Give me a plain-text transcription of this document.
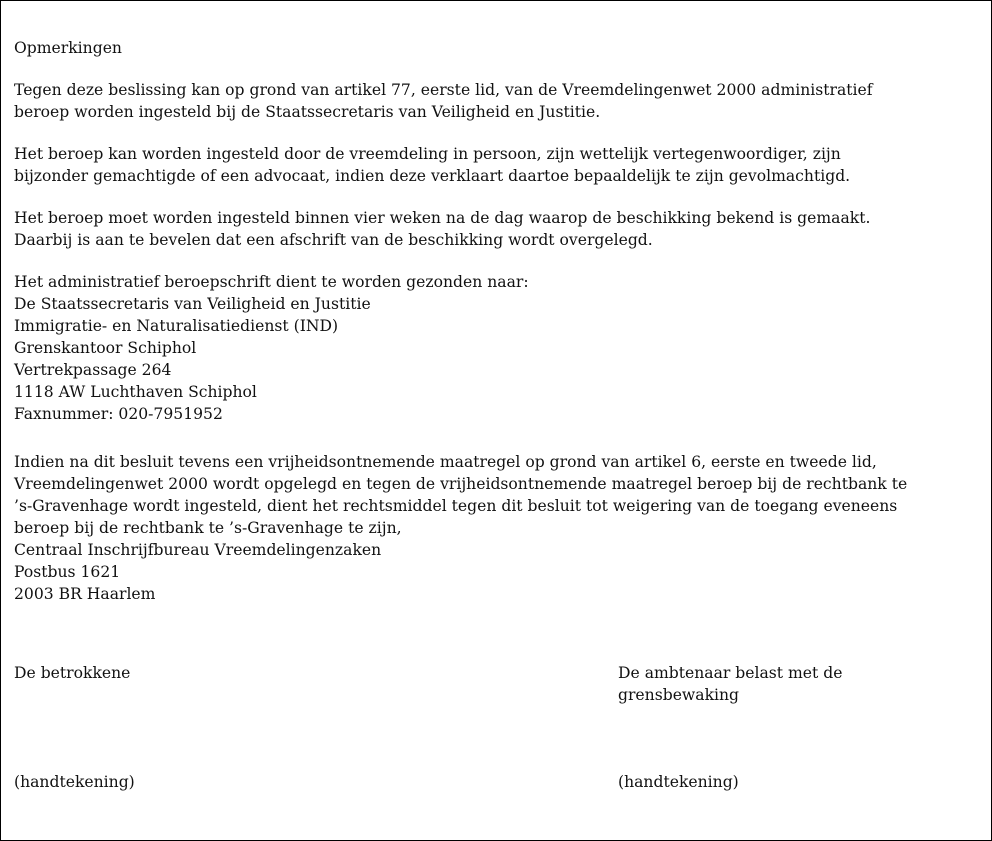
Opmerkingen
Tegen deze beslissing kan op grond van artikel 77, eerste lid, van de Vreemdelingenwet 2000 administratief
beroep worden ingesteld bij de Staatssecretaris van Veiligheid en Justitie.
Het beroep kan worden ingesteld door de vreemdeling in persoon, zijn wettelijk vertegenwoordiger, zijn
bijzonder gemachtigde of een advocaat, indien deze verklaart daartoe bepaaldelijk te zijn gevolmachtigd.
Het beroep moet worden ingesteld binnen vier weken na de dag waarop de beschikking bekend is gemaakt.
Daarbij is aan te bevelen dat een afschrift van de beschikking wordt overgelegd.
Het administratief beroepschrift dient te worden gezonden naar:
De Staatssecretaris van Veiligheid en Justitie
Immigratie- en Naturalisatiedienst (IND)
Grenskantoor Schiphol
Vertrekpassage 264
1118 AW Luchthaven Schiphol
Faxnummer: 020-7951952
Indien na dit besluit tevens een vrijheidsontnemende maatregel op grond van artikel 6, eerste en tweede lid,
Vreemdelingenwet 2000 wordt opgelegd en tegen de vrijheidsontnemende maatregel beroep bij de rechtbank te
’s-Gravenhage wordt ingesteld, dient het rechtsmiddel tegen dit besluit tot weigering van de toegang eveneens
beroep bij de rechtbank te ’s-Gravenhage te zijn,
Centraal Inschrijfbureau Vreemdelingenzaken
Postbus 1621
2003 BR Haarlem
De betrokkene	De ambtenaar belast met de grensbewaking
(handtekening)	(handtekening)
